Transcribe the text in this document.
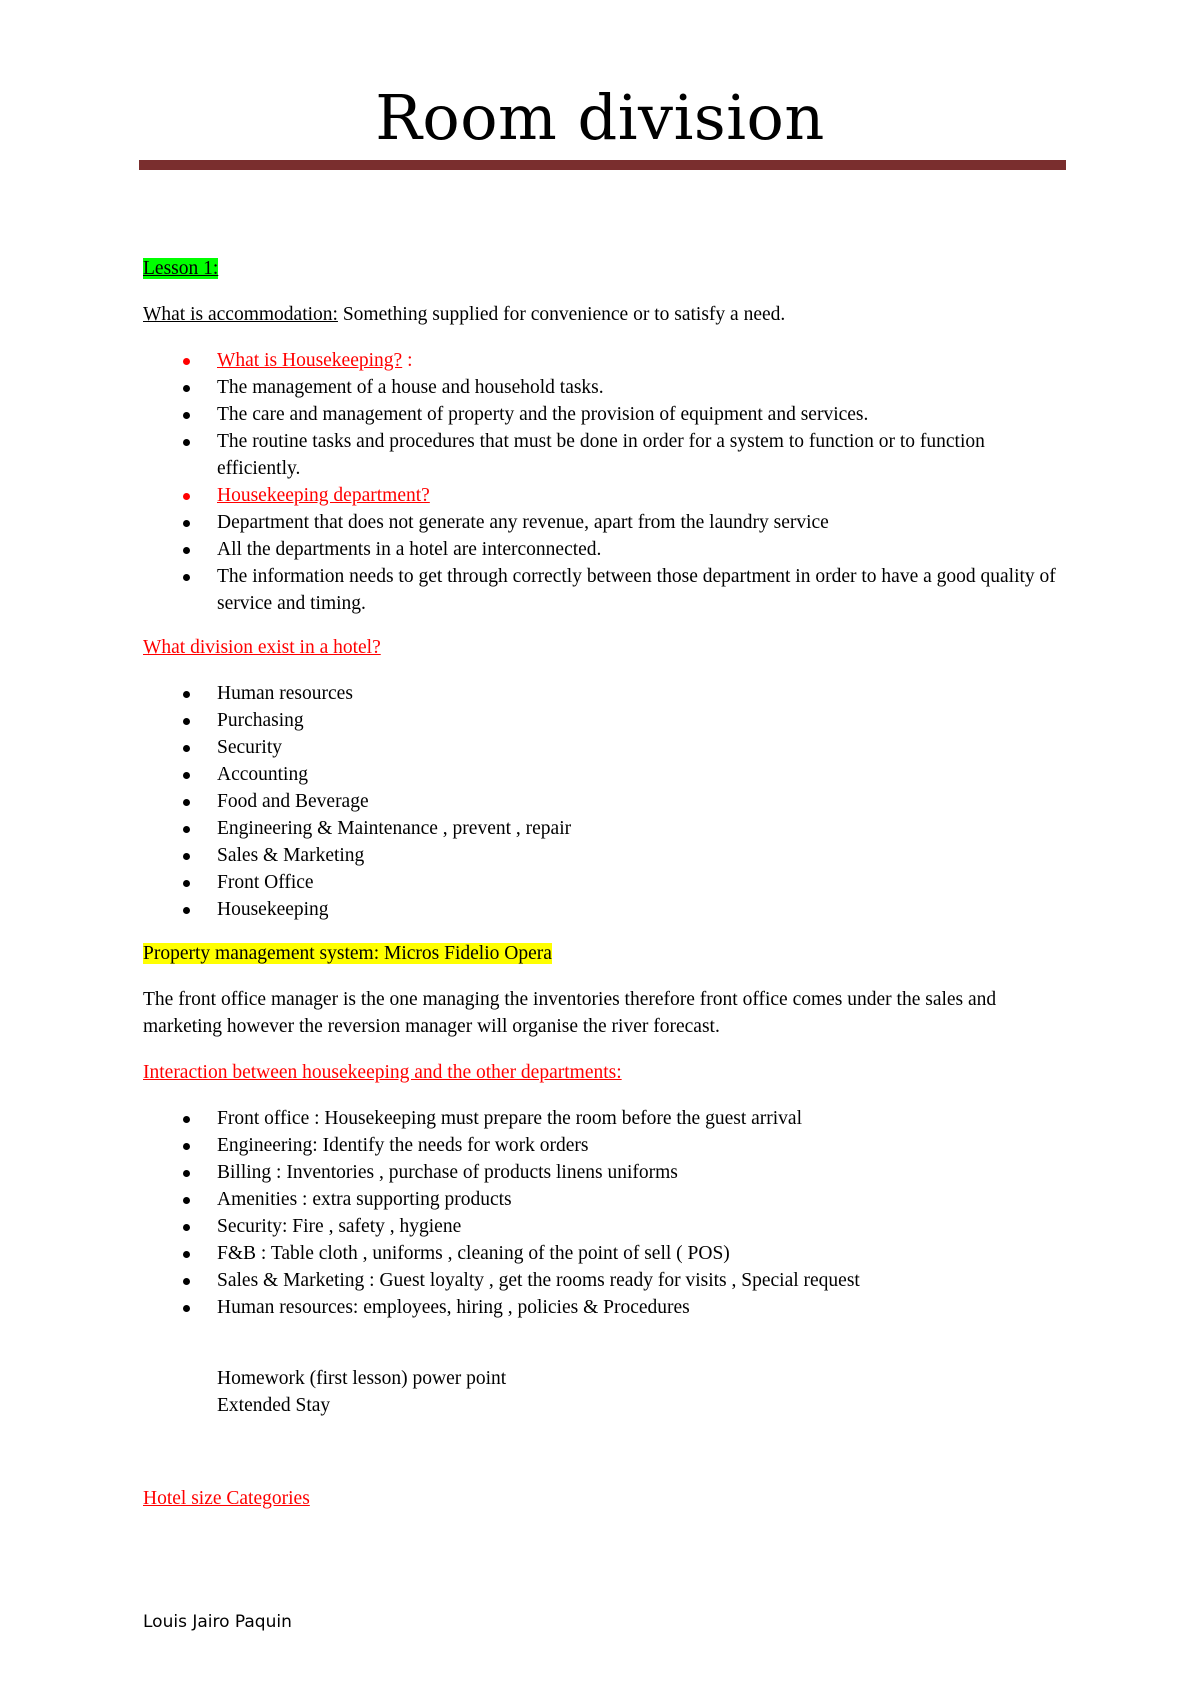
Room division

Lesson 1:

What is accommodation: Something supplied for convenience or to satisfy a need.

What is Housekeeping? :
The management of a house and household tasks.
The care and management of property and the provision of equipment and services.
The routine tasks and procedures that must be done in order for a system to function or to function efficiently.
Housekeeping department?
Department that does not generate any revenue, apart from the laundry service
All the departments in a hotel are interconnected.
The information needs to get through correctly between those department in order to have a good quality of service and timing.

What division exist in a hotel?

Human resources
Purchasing
Security
Accounting
Food and Beverage
Engineering & Maintenance , prevent , repair
Sales & Marketing
Front Office
Housekeeping

Property management system: Micros Fidelio Opera

The front office manager is the one managing the inventories therefore front office comes under the sales and marketing however the reversion manager will organise the river forecast.

Interaction between housekeeping and the other departments:

Front office : Housekeeping must prepare the room before the guest arrival
Engineering: Identify the needs for work orders
Billing : Inventories , purchase of products linens uniforms
Amenities : extra supporting products
Security: Fire , safety , hygiene
F&B : Table cloth , uniforms , cleaning of the point of sell ( POS)
Sales & Marketing : Guest loyalty , get the rooms ready for visits , Special request
Human resources: employees, hiring , policies & Procedures

Homework (first lesson) power point

Extended Stay

Hotel size Categories

Louis Jairo Paquin
